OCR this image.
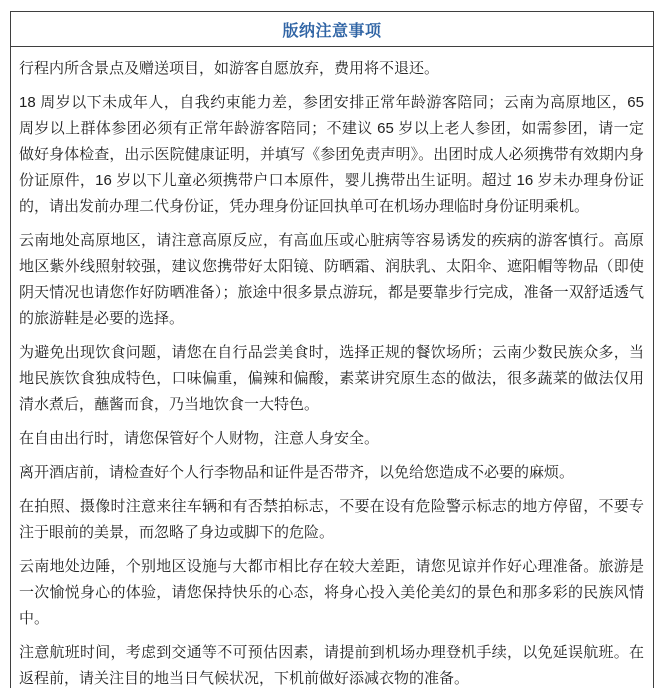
版纳注意事项

行程内所含景点及赠送项目，如游客自愿放弃，费用将不退还。

18 周岁以下未成年人，自我约束能力差，参团安排正常年龄游客陪同；云南为高原地区，65 周岁以上群体参团必须有正常年龄游客陪同；不建议 65 岁以上老人参团，如需参团，请一定做好身体检查，出示医院健康证明，并填写《参团免责声明》。出团时成人必须携带有效期内身份证原件，16 岁以下儿童必须携带户口本原件，婴儿携带出生证明。超过 16 岁未办理身份证的，请出发前办理二代身份证，凭办理身份证回执单可在机场办理临时身份证明乘机。

云南地处高原地区，请注意高原反应，有高血压或心脏病等容易诱发的疾病的游客慎行。高原地区紫外线照射较强，建议您携带好太阳镜、防晒霜、润肤乳、太阳伞、遮阳帽等物品（即使阴天情况也请您作好防晒准备）；旅途中很多景点游玩，都是要靠步行完成，准备一双舒适透气的旅游鞋是必要的选择。

为避免出现饮食问题，请您在自行品尝美食时，选择正规的餐饮场所；云南少数民族众多，当地民族饮食独成特色，口味偏重，偏辣和偏酸，素菜讲究原生态的做法，很多蔬菜的做法仅用清水煮后，蘸酱而食，乃当地饮食一大特色。

在自由出行时，请您保管好个人财物，注意人身安全。

离开酒店前，请检查好个人行李物品和证件是否带齐，以免给您造成不必要的麻烦。

在拍照、摄像时注意来往车辆和有否禁拍标志，不要在设有危险警示标志的地方停留，不要专注于眼前的美景，而忽略了身边或脚下的危险。

云南地处边陲，个别地区设施与大都市相比存在较大差距，请您见谅并作好心理准备。旅游是一次愉悦身心的体验，请您保持快乐的心态，将身心投入美伦美幻的景色和那多彩的民族风情中。

注意航班时间，考虑到交通等不可预估因素，请提前到机场办理登机手续，以免延误航班。在返程前，请关注目的地当日气候状况，下机前做好添减衣物的准备。
